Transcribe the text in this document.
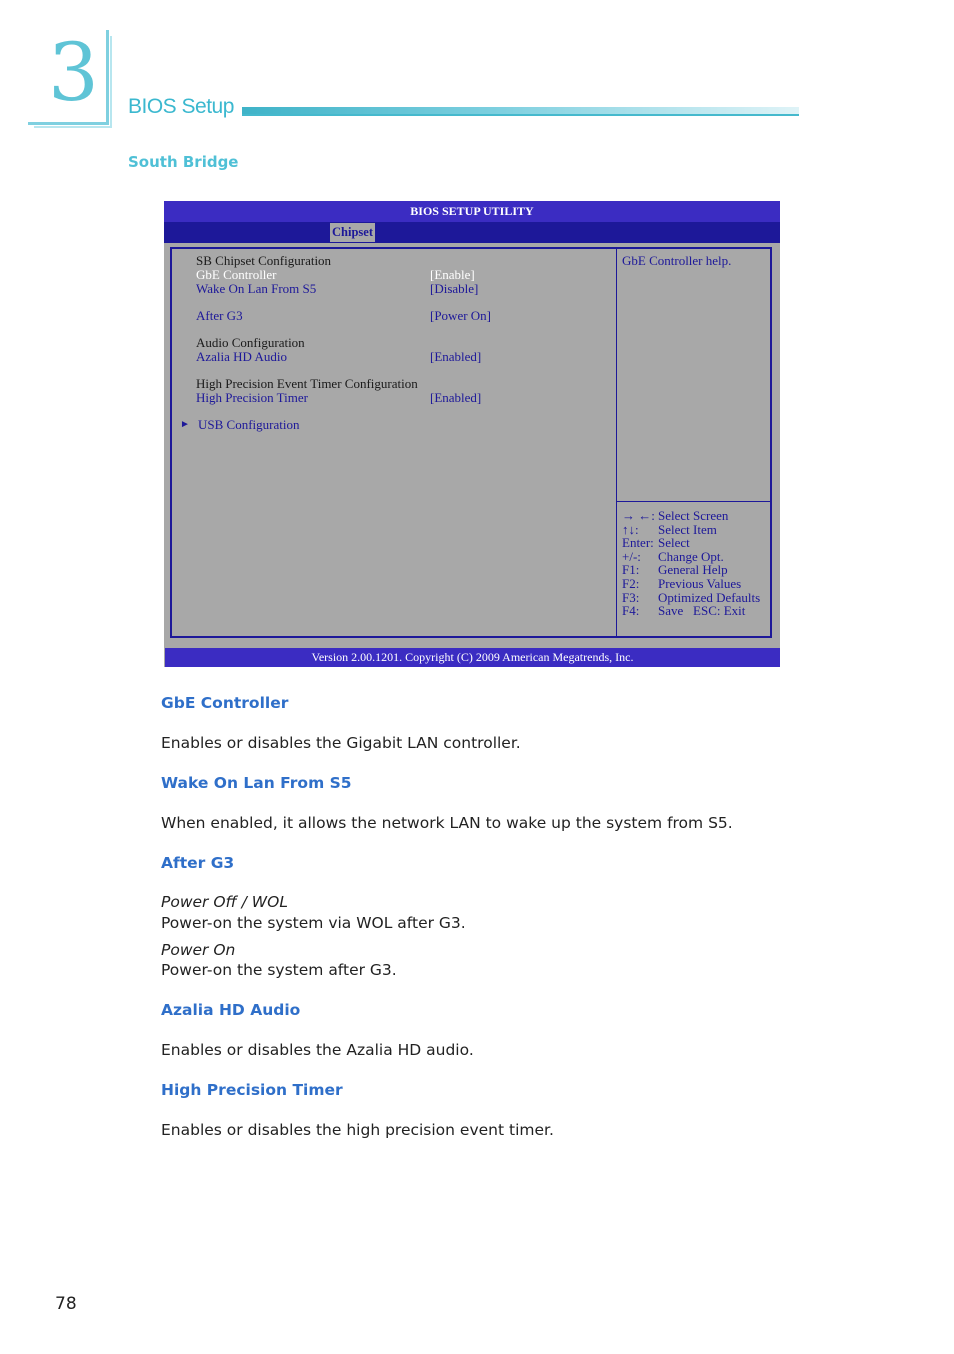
3 BIOS Setup
South Bridge
BIOS SETUP UTILITY
Chipset
SB Chipset Configuration
GbE Controller	[Enable]
Wake On Lan From S5	[Disable]
After G3	[Power On]
Audio Configuration
Azalia HD Audio	[Enabled]
High Precision Event Timer Configuration
High Precision Timer	[Enabled]
► USB Configuration
GbE Controller help.
→ ←: Select Screen
↑↓: Select Item
Enter: Select
+/-: Change Opt.
F1: General Help
F2: Previous Values
F3: Optimized Defaults
F4: Save   ESC: Exit
Version 2.00.1201. Copyright (C) 2009 American Megatrends, Inc.
GbE Controller
Enables or disables the Gigabit LAN controller.
Wake On Lan From S5
When enabled, it allows the network LAN to wake up the system from S5.
After G3
Power Off / WOL
Power-on the system via WOL after G3.
Power On
Power-on the system after G3.
Azalia HD Audio
Enables or disables the Azalia HD audio.
High Precision Timer
Enables or disables the high precision event timer.
78
